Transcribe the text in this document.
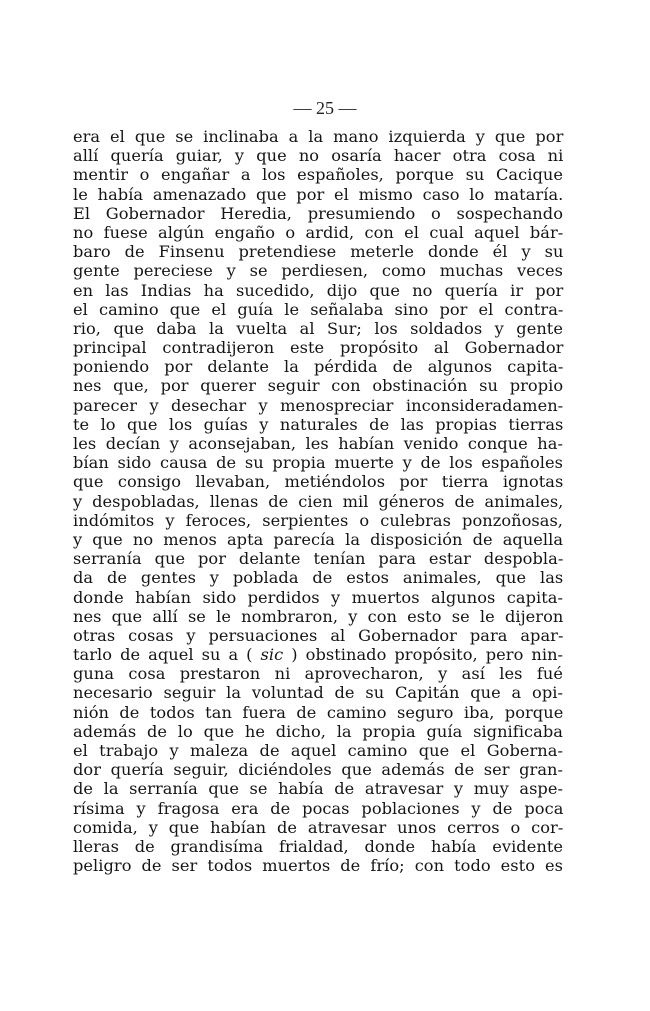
— 25 —
era el que se inclinaba a la mano izquierda y que por
allí quería guiar, y que no osaría hacer otra cosa ni
mentir o engañar a los españoles, porque su Cacique
le había amenazado que por el mismo caso lo mataría.
El Gobernador Heredia, presumiendo o sospechando
no fuese algún engaño o ardid, con el cual aquel bár-
baro de Finsenu pretendiese meterle donde él y su
gente pereciese y se perdiesen, como muchas veces
en las Indias ha sucedido, dijo que no quería ir por
el camino que el guía le señalaba sino por el contra-
rio, que daba la vuelta al Sur; los soldados y gente
principal contradijeron este propósito al Gobernador
poniendo por delante la pérdida de algunos capita-
nes que, por querer seguir con obstinación su propio
parecer y desechar y menospreciar inconsideradamen-
te lo que los guías y naturales de las propias tierras
les decían y aconsejaban, les habían venido conque ha-
bían sido causa de su propia muerte y de los españoles
que consigo llevaban, metiéndolos por tierra ignotas
y despobladas, llenas de cien mil géneros de animales,
indómitos y feroces, serpientes o culebras ponzoñosas,
y que no menos apta parecía la disposición de aquella
serranía que por delante tenían para estar despobla-
da de gentes y poblada de estos animales, que las
donde habían sido perdidos y muertos algunos capita-
nes que allí se le nombraron, y con esto se le dijeron
otras cosas y persuaciones al Gobernador para apar-
tarlo de aquel su a ( sic ) obstinado propósito, pero nin-
guna cosa prestaron ni aprovecharon, y así les fué
necesario seguir la voluntad de su Capitán que a opi-
nión de todos tan fuera de camino seguro iba, porque
además de lo que he dicho, la propia guía significaba
el trabajo y maleza de aquel camino que el Goberna-
dor quería seguir, diciéndoles que además de ser gran-
de la serranía que se había de atravesar y muy aspe-
rísima y fragosa era de pocas poblaciones y de poca
comida, y que habían de atravesar unos cerros o cor-
lleras de grandisíma frialdad, donde había evidente
peligro de ser todos muertos de frío; con todo esto es
